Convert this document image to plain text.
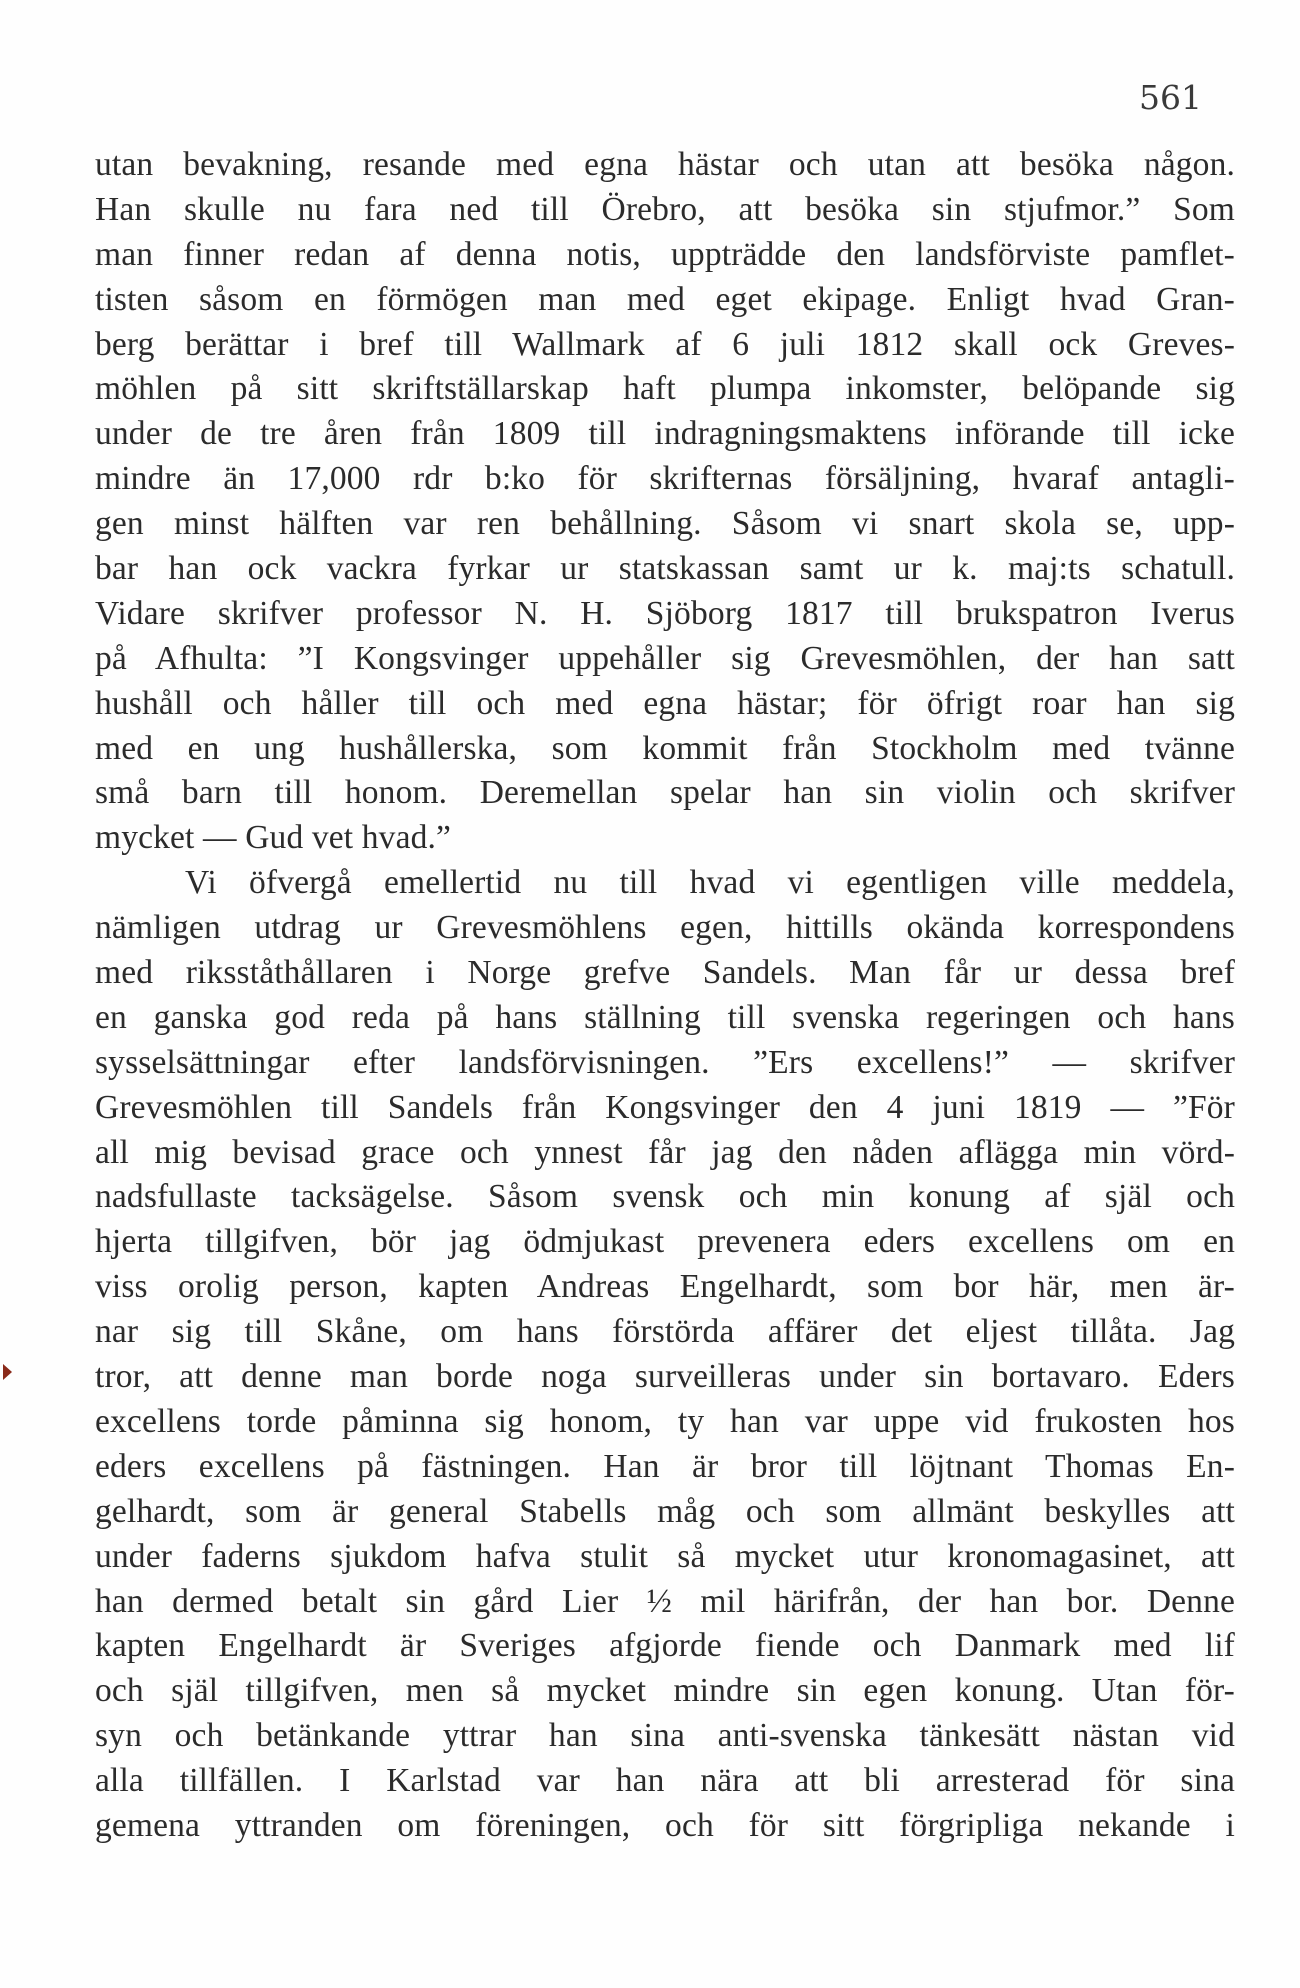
561
utan bevakning, resande med egna hästar och utan att besöka någon.
Han skulle nu fara ned till Örebro, att besöka sin stjufmor.” Som
man finner redan af denna notis, uppträdde den landsförviste pamflet-
tisten såsom en förmögen man med eget ekipage. Enligt hvad Gran-
berg berättar i bref till Wallmark af 6 juli 1812 skall ock Greves-
möhlen på sitt skriftställarskap haft plumpa inkomster, belöpande sig
under de tre åren från 1809 till indragningsmaktens införande till icke
mindre än 17,000 rdr b:ko för skrifternas försäljning, hvaraf antagli-
gen minst hälften var ren behållning. Såsom vi snart skola se, upp-
bar han ock vackra fyrkar ur statskassan samt ur k. maj:ts schatull.
Vidare skrifver professor N. H. Sjöborg 1817 till brukspatron Iverus
på Afhulta: ”I Kongsvinger uppehåller sig Grevesmöhlen, der han satt
hushåll och håller till och med egna hästar; för öfrigt roar han sig
med en ung hushållerska, som kommit från Stockholm med tvänne
små barn till honom. Deremellan spelar han sin violin och skrifver
mycket — Gud vet hvad.”
Vi öfvergå emellertid nu till hvad vi egentligen ville meddela,
nämligen utdrag ur Grevesmöhlens egen, hittills okända korrespondens
med riksståthållaren i Norge grefve Sandels. Man får ur dessa bref
en ganska god reda på hans ställning till svenska regeringen och hans
sysselsättningar efter landsförvisningen. ”Ers excellens!” — skrifver
Grevesmöhlen till Sandels från Kongsvinger den 4 juni 1819 — ”För
all mig bevisad grace och ynnest får jag den nåden aflägga min vörd-
nadsfullaste tacksägelse. Såsom svensk och min konung af själ och
hjerta tillgifven, bör jag ödmjukast prevenera eders excellens om en
viss orolig person, kapten Andreas Engelhardt, som bor här, men är-
nar sig till Skåne, om hans förstörda affärer det eljest tillåta. Jag
tror, att denne man borde noga surveilleras under sin bortavaro. Eders
excellens torde påminna sig honom, ty han var uppe vid frukosten hos
eders excellens på fästningen. Han är bror till löjtnant Thomas En-
gelhardt, som är general Stabells måg och som allmänt beskylles att
under faderns sjukdom hafva stulit så mycket utur kronomagasinet, att
han dermed betalt sin gård Lier ½ mil härifrån, der han bor. Denne
kapten Engelhardt är Sveriges afgjorde fiende och Danmark med lif
och själ tillgifven, men så mycket mindre sin egen konung. Utan för-
syn och betänkande yttrar han sina anti-svenska tänkesätt nästan vid
alla tillfällen. I Karlstad var han nära att bli arresterad för sina
gemena yttranden om föreningen, och för sitt förgripliga nekande i
